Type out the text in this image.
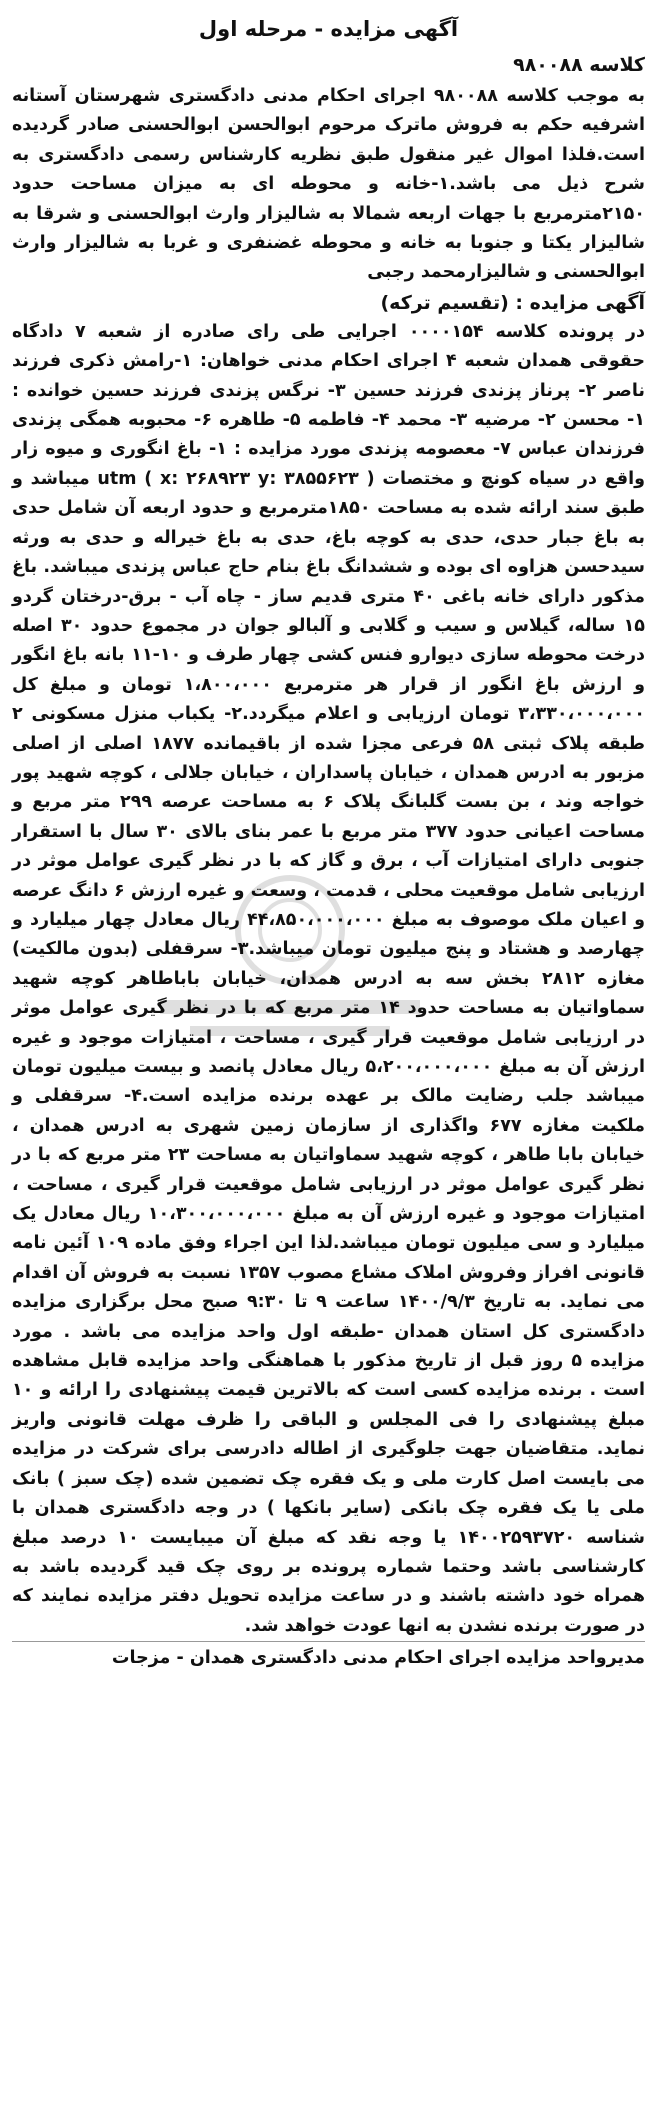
آگهی مزایده - مرحله اول
کلاسه ۹۸۰۰۸۸

به موجب کلاسه ۹۸۰۰۸۸ اجرای احکام مدنی دادگستری شهرستان آستانه اشرفیه حکم به فروش ماترک مرحوم ابوالحسن ابوالحسنی صادر گردیده است.فلذا اموال غیر منقول طبق نظریه کارشناس رسمی دادگستری به شرح ذیل می باشد.۱-خانه و محوطه ای به میزان مساحت حدود ۲۱۵۰مترمربع با جهات اربعه شمالا به شالیزار وارث ابوالحسنی و شرقا به شالیزار یکتا و جنوبا به خانه و محوطه غضنفری و غربا به شالیزار وارث ابوالحسنی و شالیزارمحمد رجبی

آگهی مزایده : (تقسیم ترکه)

در پرونده کلاسه ۰۰۰۰۱۵۴ اجرایی طی رای صادره از شعبه ۷ دادگاه حقوقی همدان شعبه ۴ اجرای احکام مدنی خواهان: ۱-رامش ذکری فرزند ناصر ۲- پرناز پزندی فرزند حسین ۳- نرگس پزندی فرزند حسین خوانده : ۱- محسن ۲- مرضیه ۳- محمد ۴- فاطمه ۵- طاهره ۶- محبوبه همگی پزندی فرزندان عباس ۷- معصومه پزندی مورد مزایده : ۱- باغ انگوری و میوه زار واقع در سیاه کونچ و مختصات ( x: ۲۶۸۹۲۳ y: ۳۸۵۵۶۲۳ ) utm میباشد و طبق سند ارائه شده به مساحت ۱۸۵۰مترمربع و حدود اربعه آن شامل حدی به باغ جبار حدی، حدی به کوچه باغ، حدی به باغ خیراله و حدی به ورثه سیدحسن هزاوه ای بوده و ششدانگ باغ بنام حاج عباس پزندی میباشد. باغ مذکور دارای خانه باغی ۴۰ متری قدیم ساز - چاه آب - برق-درختان گردو ۱۵ ساله، گیلاس و سیب و گلابی و آلبالو جوان در مجموع حدود ۳۰ اصله درخت محوطه سازی دیوارو فنس کشی چهار طرف و ۱۰-۱۱ بانه باغ انگور و ارزش باغ انگور از قرار هر مترمربع ۱،۸۰۰،۰۰۰ تومان و مبلغ کل ۳،۳۳۰،۰۰۰،۰۰۰ تومان ارزیابی و اعلام میگردد.۲- یکباب منزل مسکونی ۲ طبقه پلاک ثبتی ۵۸ فرعی مجزا شده از باقیمانده ۱۸۷۷ اصلی از اصلی مزبور به ادرس همدان ، خیابان پاسداران ، خیابان جلالی ، کوچه شهید پور خواجه وند ، بن بست گلبانگ پلاک ۶ به مساحت عرصه ۲۹۹ متر مربع و مساحت اعیانی حدود ۳۷۷ متر مربع با عمر بنای بالای ۳۰ سال با استقرار جنوبی دارای امتیازات آب ، برق و گاز که با در نظر گیری عوامل موثر در ارزیابی شامل موقعیت محلی ، قدمت ، وسعت و غیره ارزش ۶ دانگ عرصه و اعیان ملک موصوف به مبلغ ۴۴،۸۵۰،۰۰۰،۰۰۰ ریال معادل چهار میلیارد و چهارصد و هشتاد و پنج میلیون تومان میباشد.۳- سرقفلی (بدون مالکیت) مغازه ۲۸۱۲ بخش سه به ادرس همدان، خیابان باباطاهر کوچه شهید سماواتیان به مساحت حدود ۱۴ متر مربع که با در نظر گیری عوامل موثر در ارزیابی شامل موقعیت قرار گیری ، مساحت ، امتیازات موجود و غیره ارزش آن به مبلغ ۵،۲۰۰،۰۰۰،۰۰۰ ریال معادل پانصد و بیست میلیون تومان میباشد جلب رضایت مالک بر عهده برنده مزایده است.۴- سرقفلی و ملکیت مغازه ۶۷۷ واگذاری از سازمان زمین شهری به ادرس همدان ، خیابان بابا طاهر ، کوچه شهید سماواتیان به مساحت ۲۳ متر مربع که با در نظر گیری عوامل موثر در ارزیابی شامل موقعیت قرار گیری ، مساحت ، امتیازات موجود و غیره ارزش آن به مبلغ ۱۰،۳۰۰،۰۰۰،۰۰۰ ریال معادل یک میلیارد و سی میلیون تومان میباشد.لذا این اجراء وفق ماده ۱۰۹ آئین نامه قانونی افراز وفروش املاک مشاع مصوب ۱۳۵۷ نسبت به فروش آن اقدام می نماید. به تاریخ ۱۴۰۰/۹/۳ ساعت ۹ تا ۹:۳۰ صبح محل برگزاری مزایده دادگستری کل استان همدان -طبقه اول واحد مزایده می باشد . مورد مزایده ۵ روز قبل از تاریخ مذکور با هماهنگی واحد مزایده قابل مشاهده است . برنده مزایده کسی است که بالاترین قیمت پیشنهادی را ارائه و ۱۰ مبلغ پیشنهادی را فی المجلس و الباقی را ظرف مهلت قانونی واریز نماید. متقاضیان جهت جلوگیری از اطاله دادرسی برای شرکت در مزایده می بایست اصل کارت ملی و یک فقره چک تضمین شده (چک سبز ) بانک ملی یا یک فقره چک بانکی (سایر بانکها ) در وجه دادگستری همدان با شناسه ۱۴۰۰۲۵۹۳۷۲۰ یا وجه نقد که مبلغ آن میبایست ۱۰ درصد مبلغ کارشناسی باشد وحتما شماره پرونده بر روی چک قید گردیده باشد به همراه خود داشته باشند و در ساعت مزایده تحویل دفتر مزایده نمایند که در صورت برنده نشدن به انها عودت خواهد شد.

مدیرواحد مزایده اجرای احکام مدنی دادگستری همدان - مزجات
